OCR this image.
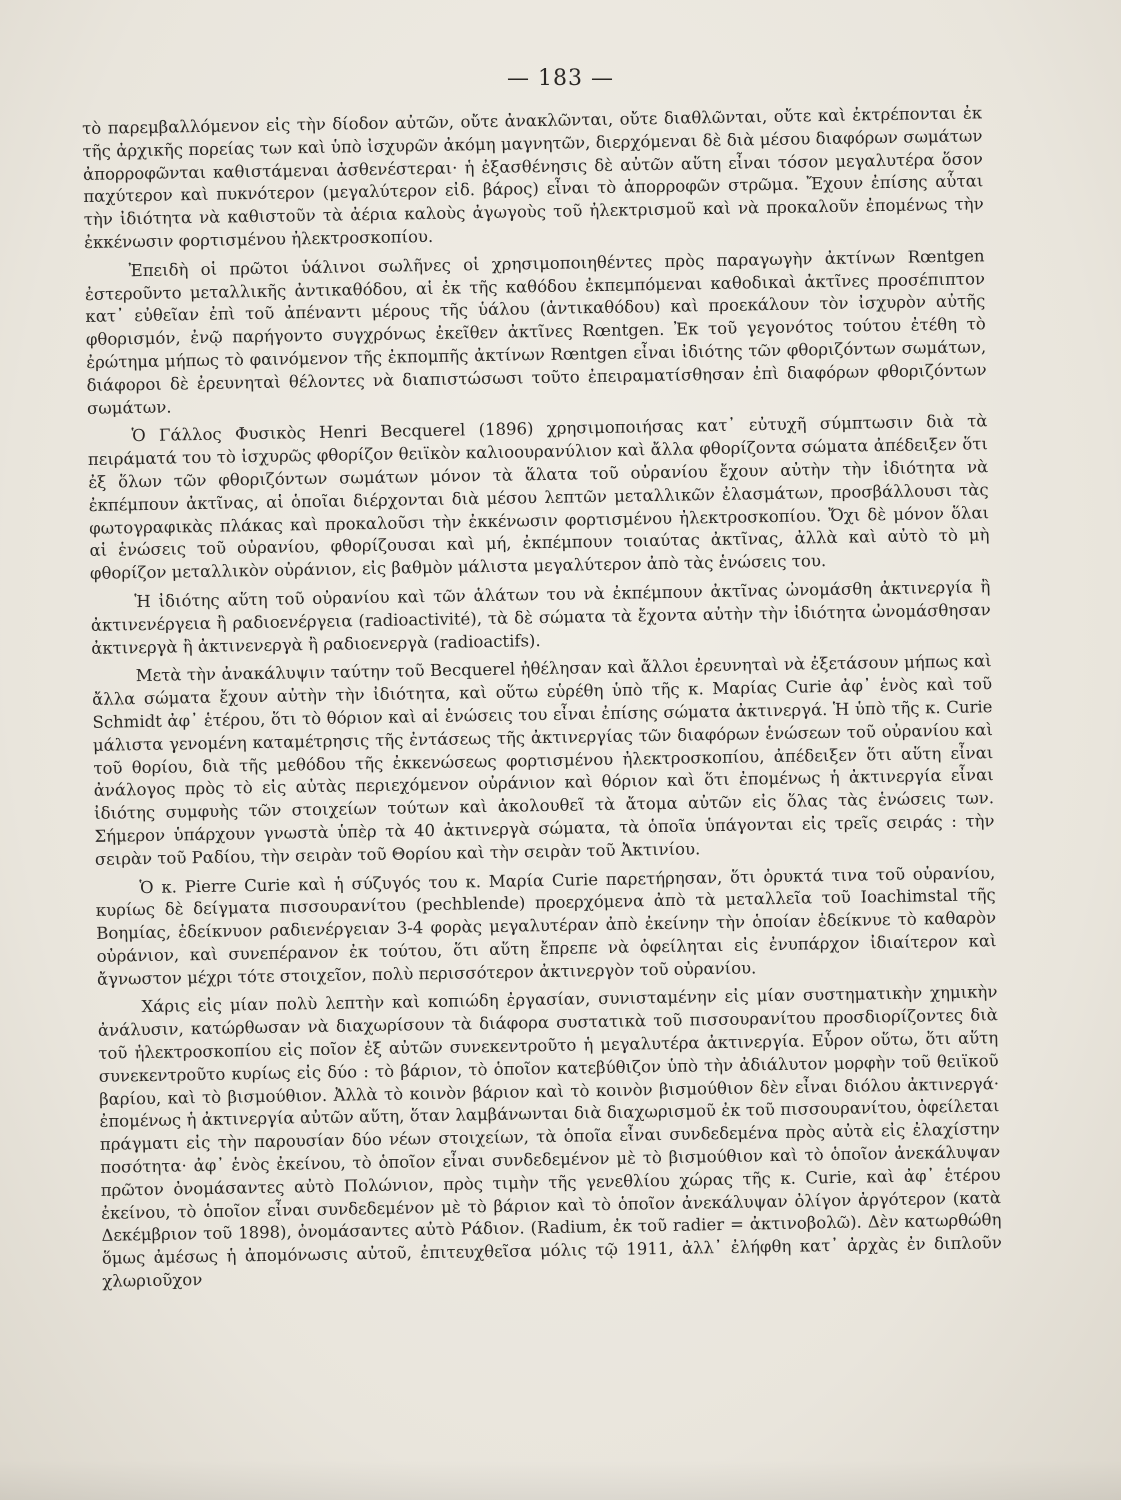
— 183 —

τὸ παρεμβαλλόμενον εἰς τὴν δίοδον αὐτῶν, οὔτε ἀνακλῶνται, οὔτε διαθλῶνται, οὔτε καὶ ἐκτρέπονται ἐκ τῆς ἀρχικῆς πορείας των καὶ ὑπὸ ἰσχυρῶν ἀκόμη μαγνητῶν, διερχόμεναι δὲ διὰ μέσου διαφόρων σωμάτων ἀπορροφῶνται καθιστάμεναι ἀσθενέστεραι· ἡ ἐξασθένησις δὲ αὐτῶν αὕτη εἶναι τόσον μεγαλυτέρα ὅσον παχύτερον καὶ πυκνότερον (μεγαλύτερον εἰδ. βάρος) εἶναι τὸ ἀπορροφῶν στρῶμα. Ἔχουν ἐπίσης αὗται τὴν ἰδιότητα νὰ καθιστοῦν τὰ ἀέρια καλοὺς ἀγωγοὺς τοῦ ἠλεκτρισμοῦ καὶ νὰ προκαλοῦν ἐπομένως τὴν ἐκκένωσιν φορτισμένου ἠλεκτροσκοπίου.

Ἐπειδὴ οἱ πρῶτοι ὑάλινοι σωλῆνες οἱ χρησιμοποιηθέντες πρὸς παραγωγὴν ἀκτίνων Rœntgen ἐστεροῦντο μεταλλικῆς ἀντικαθόδου, αἱ ἐκ τῆς καθόδου ἐκπεμπόμεναι καθοδικαὶ ἀκτῖνες προσέπιπτον κατ᾽ εὐθεῖαν ἐπὶ τοῦ ἀπέναντι μέρους τῆς ὑάλου (ἀντικαθόδου) καὶ προεκάλουν τὸν ἰσχυρὸν αὐτῆς φθορισμόν, ἐνῷ παρήγοντο συγχρόνως ἐκεῖθεν ἀκτῖνες Rœntgen. Ἐκ τοῦ γεγονότος τούτου ἐτέθη τὸ ἐρώτημα μήπως τὸ φαινόμενον τῆς ἐκπομπῆς ἀκτίνων Rœntgen εἶναι ἰδιότης τῶν φθοριζόντων σωμάτων, διάφοροι δὲ ἐρευνηταὶ θέλοντες νὰ διαπιστώσωσι τοῦτο ἐπειραματίσθησαν ἐπὶ διαφόρων φθοριζόντων σωμάτων.

Ὁ Γάλλος Φυσικὸς Henri Becquerel (1896) χρησιμοποιήσας κατ᾽ εὐτυχῆ σύμπτωσιν διὰ τὰ πειράματά του τὸ ἰσχυρῶς φθορίζον θειϊκὸν καλιοουρανύλιον καὶ ἄλλα φθορίζοντα σώματα ἀπέδειξεν ὅτι ἐξ ὅλων τῶν φθοριζόντων σωμάτων μόνον τὰ ἅλατα τοῦ οὐρανίου ἔχουν αὐτὴν τὴν ἰδιότητα νὰ ἐκπέμπουν ἀκτῖνας, αἱ ὁποῖαι διέρχονται διὰ μέσου λεπτῶν μεταλλικῶν ἐλασμάτων, προσβάλλουσι τὰς φωτογραφικὰς πλάκας καὶ προκαλοῦσι τὴν ἐκκένωσιν φορτισμένου ἠλεκτροσκοπίου. Ὄχι δὲ μόνον ὅλαι αἱ ἑνώσεις τοῦ οὐρανίου, φθορίζουσαι καὶ μή, ἐκπέμπουν τοιαύτας ἀκτῖνας, ἀλλὰ καὶ αὐτὸ τὸ μὴ φθορίζον μεταλλικὸν οὐράνιον, εἰς βαθμὸν μάλιστα μεγαλύτερον ἀπὸ τὰς ἑνώσεις του.

Ἡ ἰδιότης αὕτη τοῦ οὐρανίου καὶ τῶν ἁλάτων του νὰ ἐκπέμπουν ἀκτῖνας ὠνομάσθη ἀκτινεργία ἢ ἀκτινενέργεια ἢ ραδιοενέργεια (radioactivité), τὰ δὲ σώματα τὰ ἔχοντα αὐτὴν τὴν ἰδιότητα ὠνομάσθησαν ἀκτινεργὰ ἢ ἀκτινενεργὰ ἢ ραδιοενεργὰ (radioactifs).

Μετὰ τὴν ἀνακάλυψιν ταύτην τοῦ Becquerel ἠθέλησαν καὶ ἄλλοι ἐρευνηταὶ νὰ ἐξετάσουν μήπως καὶ ἄλλα σώματα ἔχουν αὐτὴν τὴν ἰδιότητα, καὶ οὕτω εὑρέθη ὑπὸ τῆς κ. Μαρίας Curie ἀφ᾽ ἑνὸς καὶ τοῦ Schmidt ἀφ᾽ ἑτέρου, ὅτι τὸ θόριον καὶ αἱ ἑνώσεις του εἶναι ἐπίσης σώματα ἀκτινεργά. Ἡ ὑπὸ τῆς κ. Curie μάλιστα γενομένη καταμέτρησις τῆς ἐντάσεως τῆς ἀκτινεργίας τῶν διαφόρων ἑνώσεων τοῦ οὐρανίου καὶ τοῦ θορίου, διὰ τῆς μεθόδου τῆς ἐκκενώσεως φορτισμένου ἠλεκτροσκοπίου, ἀπέδειξεν ὅτι αὕτη εἶναι ἀνάλογος πρὸς τὸ εἰς αὐτὰς περιεχόμενον οὐράνιον καὶ θόριον καὶ ὅτι ἐπομένως ἡ ἀκτινεργία εἶναι ἰδιότης συμφυὴς τῶν στοιχείων τούτων καὶ ἀκολουθεῖ τὰ ἄτομα αὐτῶν εἰς ὅλας τὰς ἑνώσεις των. Σήμερον ὑπάρχουν γνωστὰ ὑπὲρ τὰ 40 ἀκτινεργὰ σώματα, τὰ ὁποῖα ὑπάγονται εἰς τρεῖς σειράς : τὴν σειρὰν τοῦ Ραδίου, τὴν σειρὰν τοῦ Θορίου καὶ τὴν σειρὰν τοῦ Ἀκτινίου.

Ὁ κ. Pierre Curie καὶ ἡ σύζυγός του κ. Μαρία Curie παρετήρησαν, ὅτι ὀρυκτά τινα τοῦ οὐρανίου, κυρίως δὲ δείγματα πισσουρανίτου (pechblende) προερχόμενα ἀπὸ τὰ μεταλλεῖα τοῦ Ioachimstal τῆς Βοημίας, ἐδείκνυον ραδιενέργειαν 3-4 φορὰς μεγαλυτέραν ἀπὸ ἐκείνην τὴν ὁποίαν ἐδείκνυε τὸ καθαρὸν οὐράνιον, καὶ συνεπέρανον ἐκ τούτου, ὅτι αὕτη ἔπρεπε νὰ ὀφείληται εἰς ἐνυπάρχον ἰδιαίτερον καὶ ἄγνωστον μέχρι τότε στοιχεῖον, πολὺ περισσότερον ἀκτινεργὸν τοῦ οὐρανίου.

Χάρις εἰς μίαν πολὺ λεπτὴν καὶ κοπιώδη ἐργασίαν, συνισταμένην εἰς μίαν συστηματικὴν χημικὴν ἀνάλυσιν, κατώρθωσαν νὰ διαχωρίσουν τὰ διάφορα συστατικὰ τοῦ πισσουρανίτου προσδιορίζοντες διὰ τοῦ ἠλεκτροσκοπίου εἰς ποῖον ἐξ αὐτῶν συνεκεντροῦτο ἡ μεγαλυτέρα ἀκτινεργία. Εὗρον οὕτω, ὅτι αὕτη συνεκεντροῦτο κυρίως εἰς δύο : τὸ βάριον, τὸ ὁποῖον κατεβύθιζον ὑπὸ τὴν ἀδιάλυτον μορφὴν τοῦ θειϊκοῦ βαρίου, καὶ τὸ βισμούθιον. Ἀλλὰ τὸ κοινὸν βάριον καὶ τὸ κοινὸν βισμούθιον δὲν εἶναι διόλου ἀκτινεργά· ἐπομένως ἡ ἀκτινεργία αὐτῶν αὕτη, ὅταν λαμβάνωνται διὰ διαχωρισμοῦ ἐκ τοῦ πισσουρανίτου, ὀφείλεται πράγματι εἰς τὴν παρουσίαν δύο νέων στοιχείων, τὰ ὁποῖα εἶναι συνδεδεμένα πρὸς αὐτὰ εἰς ἐλαχίστην ποσότητα· ἀφ᾽ ἑνὸς ἐκείνου, τὸ ὁποῖον εἶναι συνδεδεμένον μὲ τὸ βισμούθιον καὶ τὸ ὁποῖον ἀνεκάλυψαν πρῶτον ὀνομάσαντες αὐτὸ Πολώνιον, πρὸς τιμὴν τῆς γενεθλίου χώρας τῆς κ. Curie, καὶ ἀφ᾽ ἑτέρου ἐκείνου, τὸ ὁποῖον εἶναι συνδεδεμένον μὲ τὸ βάριον καὶ τὸ ὁποῖον ἀνεκάλυψαν ὀλίγον ἀργότερον (κατὰ Δεκέμβριον τοῦ 1898), ὀνομάσαντες αὐτὸ Ράδιον. (Radium, ἐκ τοῦ radier = ἀκτινοβολῶ). Δὲν κατωρθώθη ὅμως ἀμέσως ἡ ἀπομόνωσις αὐτοῦ, ἐπιτευχθεῖσα μόλις τῷ 1911, ἀλλ᾽ ἐλήφθη κατ᾽ ἀρχὰς ἐν διπλοῦν χλωριοῦχον
